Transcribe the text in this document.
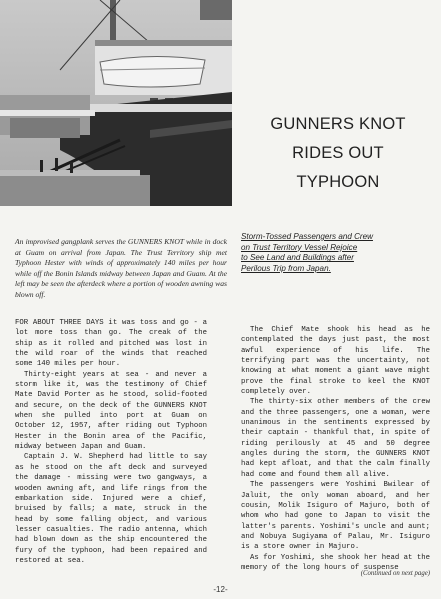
GUNNERS KNOT
RIDES OUT
TYPHOON
An improvised gangplank serves the GUNNERS KNOT while in dock at Guam on arrival from Japan. The Trust Territory ship met Typhoon Hester with winds of approximately 140 miles per hour while off the Bonin Islands midway between Japan and Guam. At the left may be seen the afterdeck where a portion of wooden awning was blown off.
Storm-Tossed Passengers and Crew
on Trust Territory Vessel Rejoice
to See Land and Buildings after
Perilous Trip from Japan.

FOR ABOUT THREE DAYS it was toss and go - a lot more toss than go. The creak of the ship as it rolled and pitched was lost in the wild roar of the winds that reached some 140 miles per hour.

Thirty-eight years at sea - and never a storm like it, was the testimony of Chief Mate David Porter as he stood, solid-footed and secure, on the deck of the GUNNERS KNOT when she pulled into port at Guam on October 12, 1957, after riding out Typhoon Hester in the Bonin area of the Pacific, midway between Japan and Guam.

Captain J. W. Shepherd had little to say as he stood on the aft deck and surveyed the damage - missing were two gangways, a wooden awning aft, and life rings from the embarkation side. Injured were a chief, bruised by falls; a mate, struck in the head by some falling object, and various lesser casualties. The radio antenna, which had blown down as the ship encountered the fury of the typhoon, had been repaired and restored at sea.

The Chief Mate shook his head as he contemplated the days just past, the most awful experience of his life. The terrifying part was the uncertainty, not knowing at what moment a giant wave might prove the final stroke to keel the KNOT completely over.

The thirty-six other members of the crew and the three passengers, one a woman, were unanimous in the sentiments expressed by their captain - thankful that, in spite of riding perilously at 45 and 50 degree angles during the storm, the GUNNERS KNOT had kept afloat, and that the calm finally had come and found them all alive.

The passengers were Yoshimi Bwilear of Jaluit, the only woman aboard, and her cousin, Molik Isiguro of Majuro, both of whom who had gone to Japan to visit the latter's parents. Yoshimi's uncle and aunt; and Nobuya Sugiyama of Palau, Mr. Isiguro is a store owner in Majuro.

As for Yoshimi, she shook her head at the memory of the long hours of suspense

(Continued on next page)
-12-
